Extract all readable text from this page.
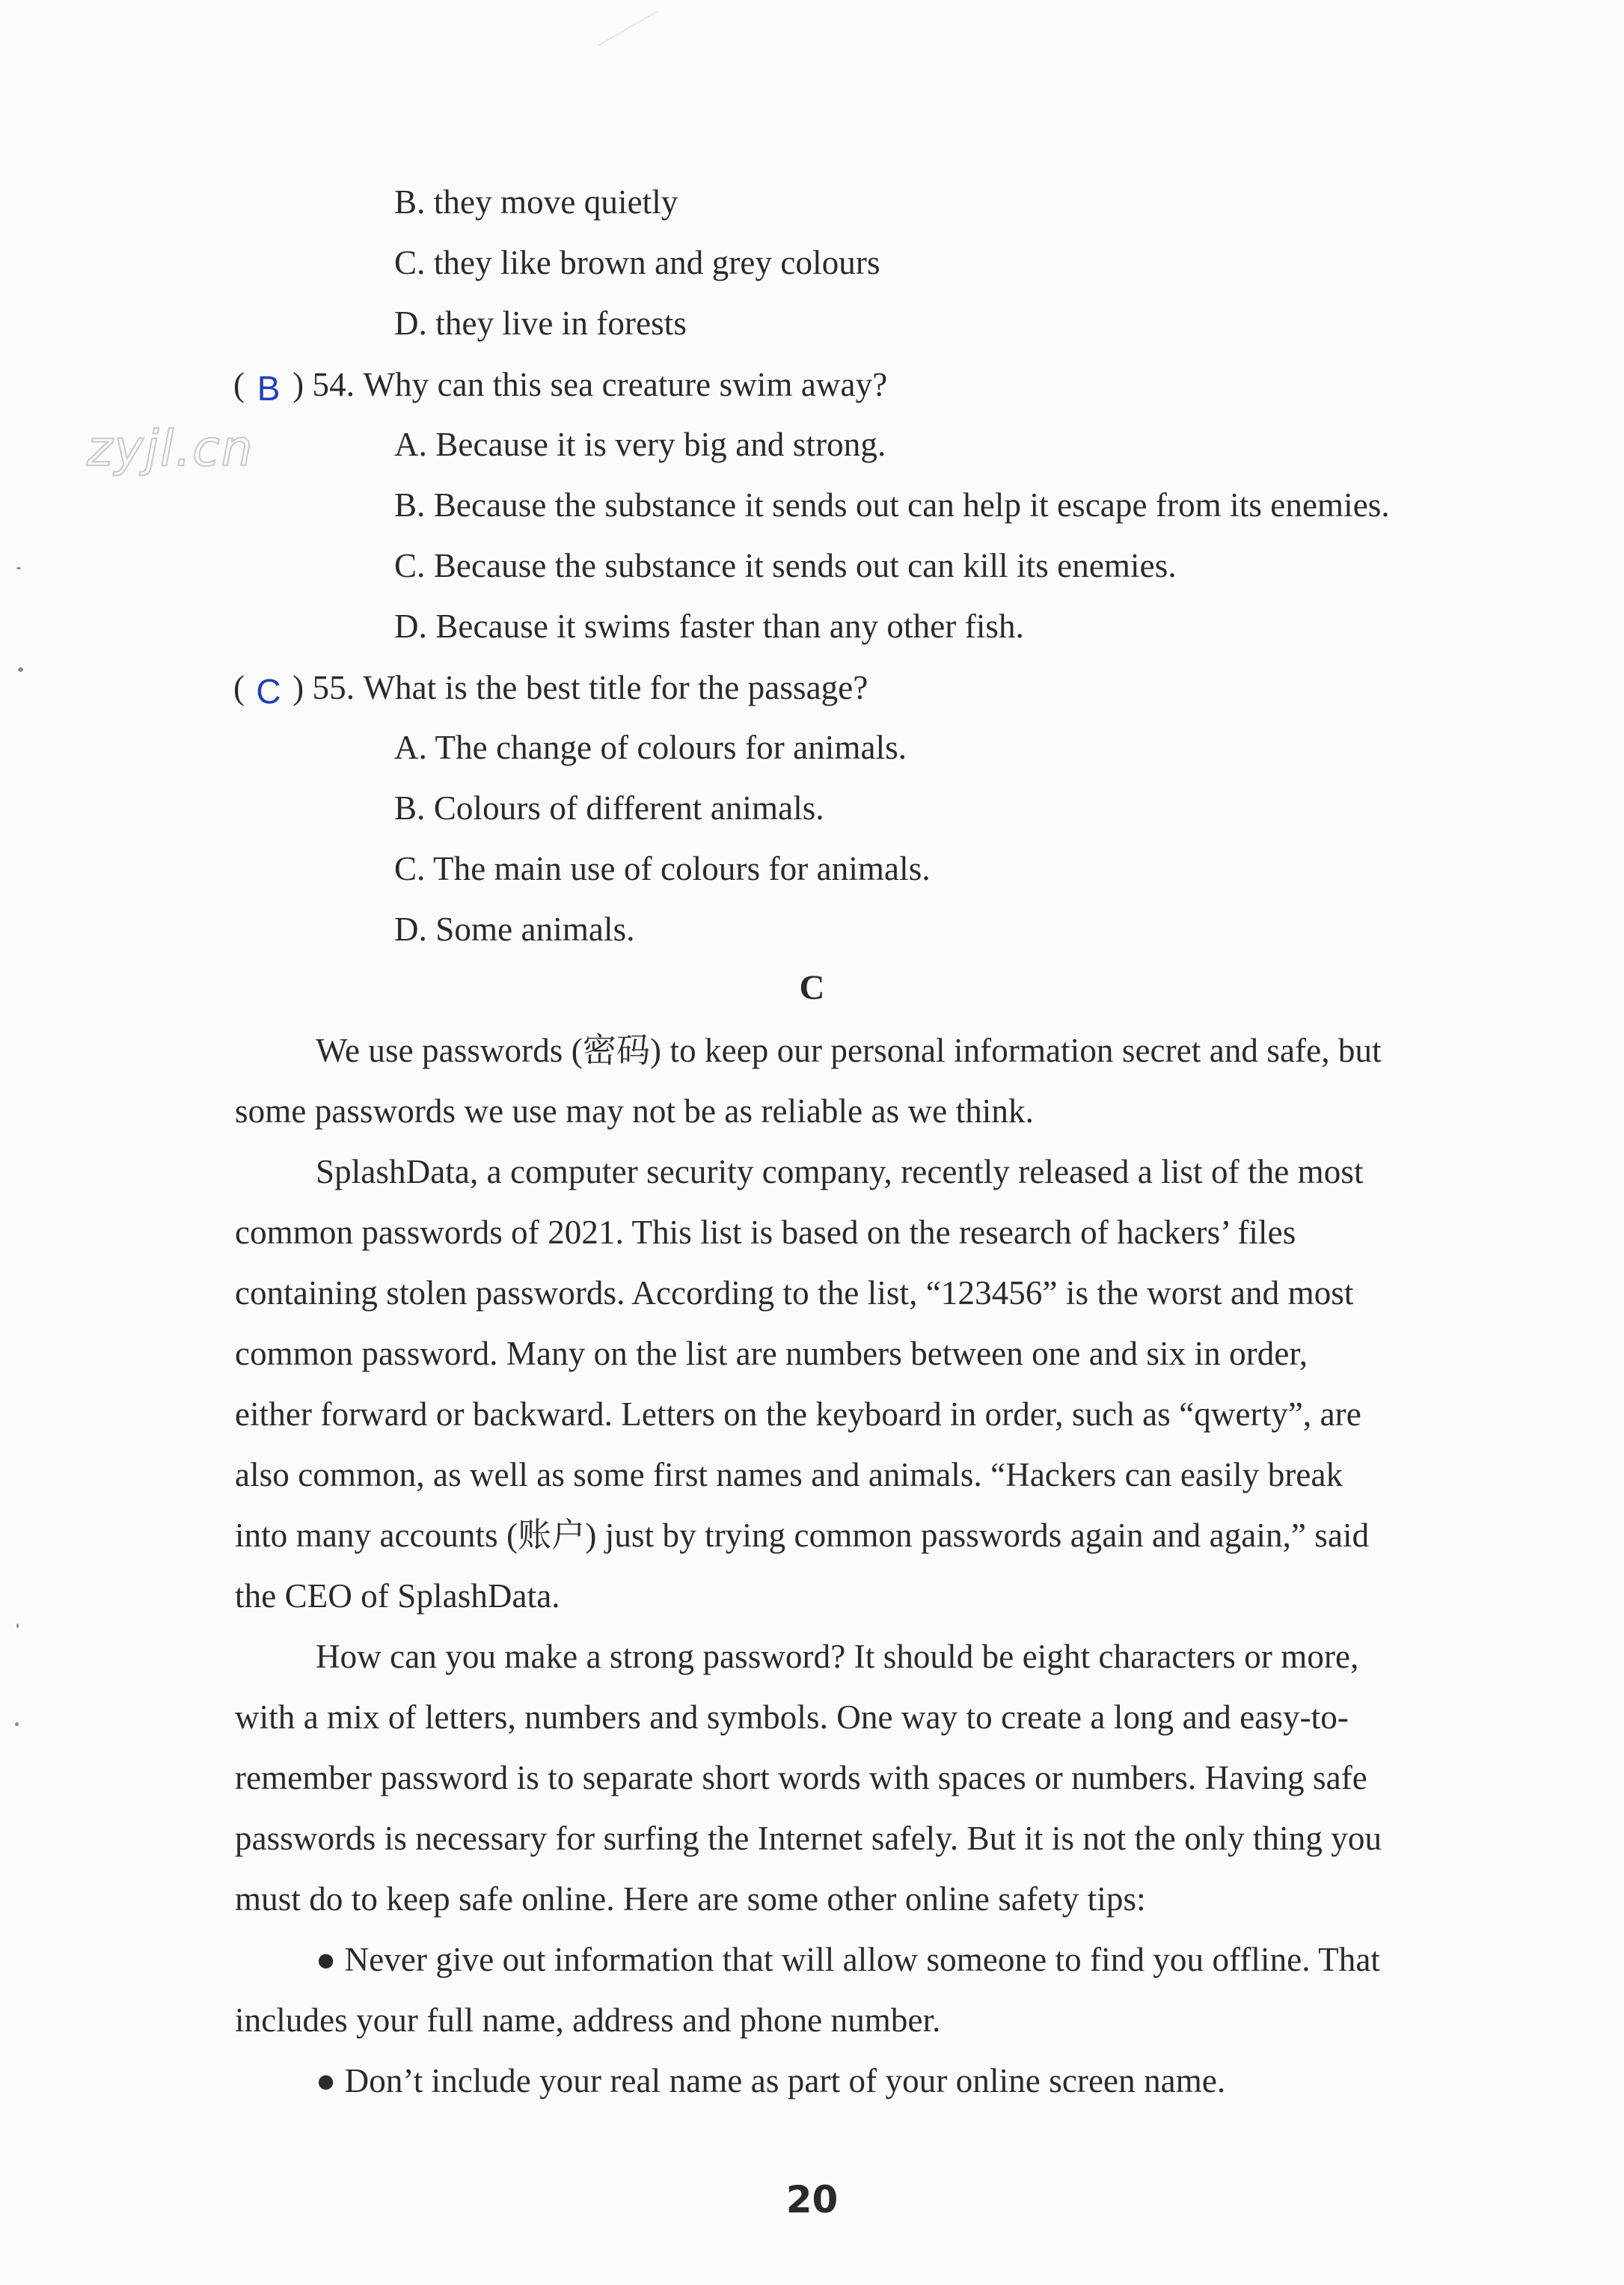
zyjl.cn
B. they move quietly
C. they like brown and grey colours
D. they live in forests
( B ) 54. Why can this sea creature swim away?
A. Because it is very big and strong.
B. Because the substance it sends out can help it escape from its enemies.
C. Because the substance it sends out can kill its enemies.
D. Because it swims faster than any other fish.
( C ) 55. What is the best title for the passage?
A. The change of colours for animals.
B. Colours of different animals.
C. The main use of colours for animals.
D. Some animals.
C
We use passwords (密码) to keep our personal information secret and safe, but
some passwords we use may not be as reliable as we think.
SplashData, a computer security company, recently released a list of the most
common passwords of 2021. This list is based on the research of hackers’ files
containing stolen passwords. According to the list, “123456” is the worst and most
common password. Many on the list are numbers between one and six in order,
either forward or backward. Letters on the keyboard in order, such as “qwerty”, are
also common, as well as some first names and animals. “Hackers can easily break
into many accounts (账户) just by trying common passwords again and again,” said
the CEO of SplashData.
How can you make a strong password? It should be eight characters or more,
with a mix of letters, numbers and symbols. One way to create a long and easy-to-
remember password is to separate short words with spaces or numbers. Having safe
passwords is necessary for surfing the Internet safely. But it is not the only thing you
must do to keep safe online. Here are some other online safety tips:
● Never give out information that will allow someone to find you offline. That
includes your full name, address and phone number.
● Don’t include your real name as part of your online screen name.
20
